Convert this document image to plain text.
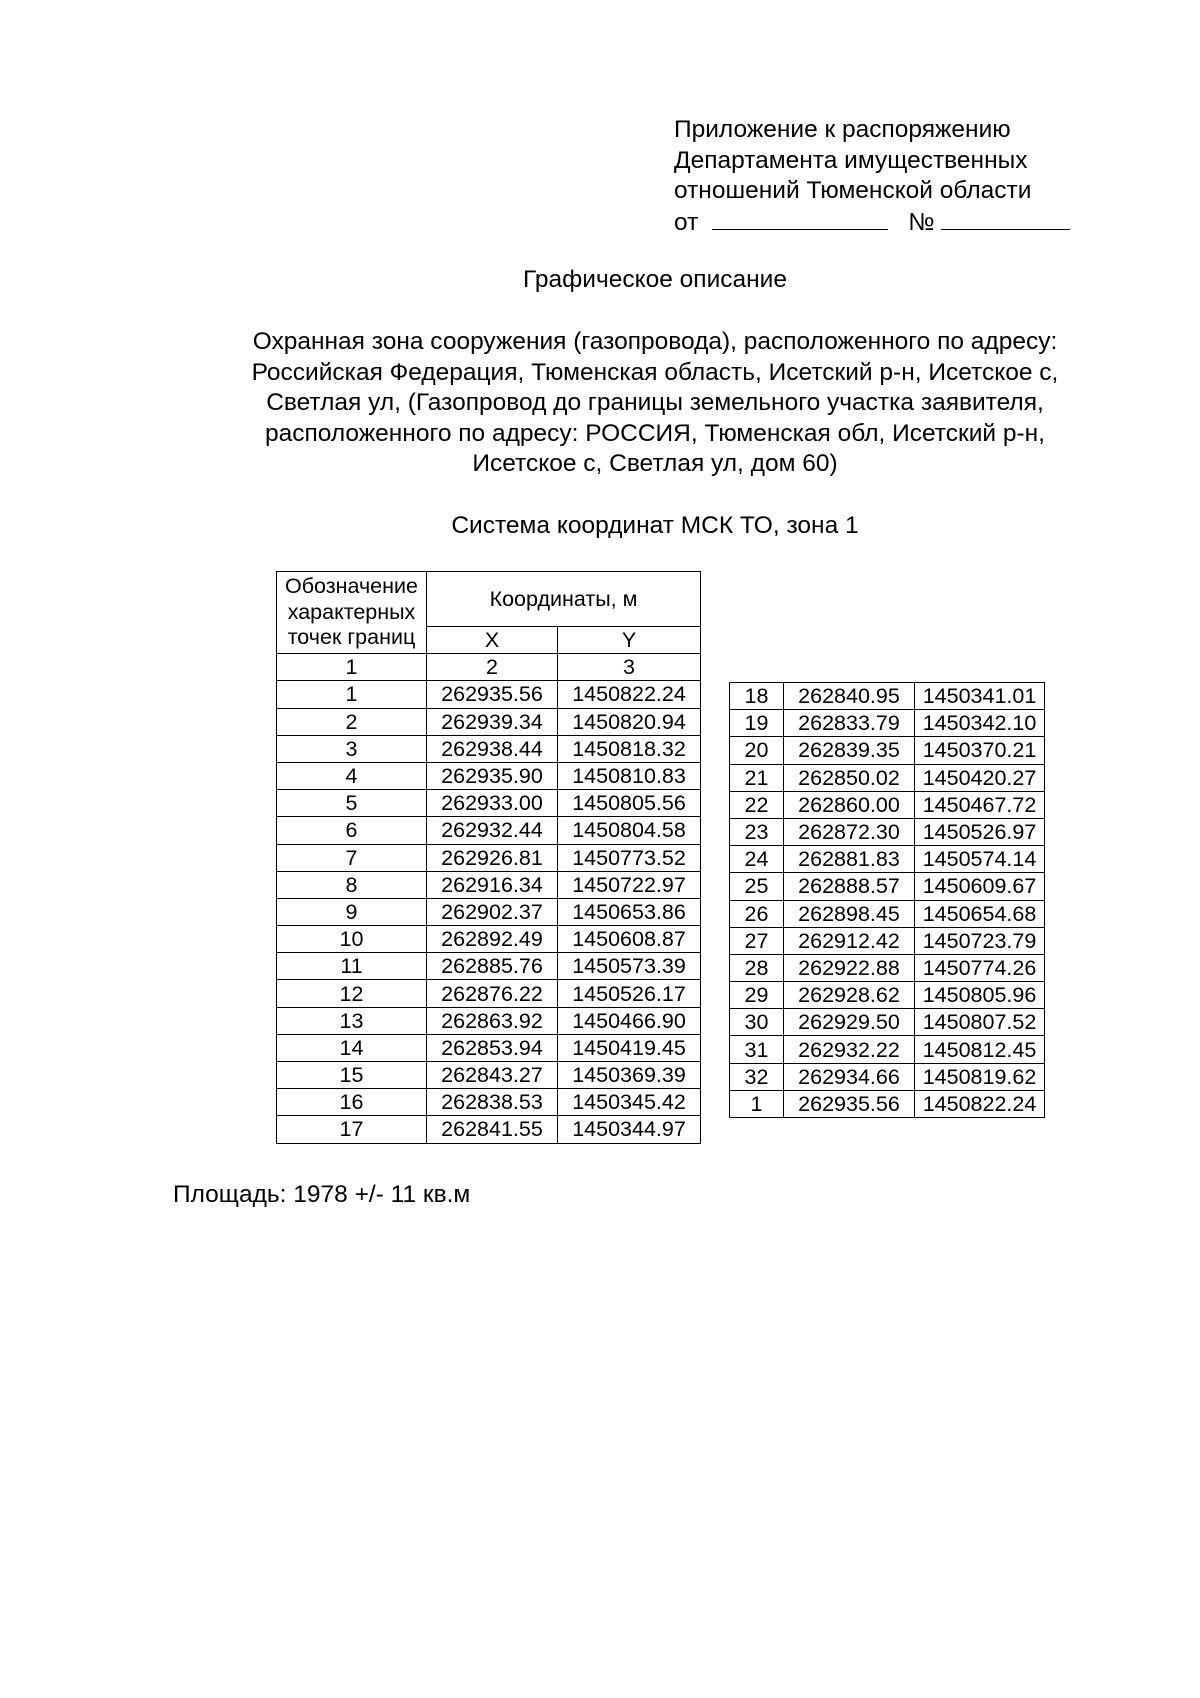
Приложение к распоряжению
Департамента имущественных
отношений Тюменской области
от	№
Графическое описание
Охранная зона сооружения (газопровода), расположенного по адресу:
Российская Федерация, Тюменская область, Исетский р-н, Исетское с,
Светлая ул, (Газопровод до границы земельного участка заявителя,
расположенного по адресу: РОССИЯ, Тюменская обл, Исетский р-н,
Исетское с, Светлая ул, дом 60)
Система координат МСК ТО, зона 1
Обозначение
характерных
точек границ	Координаты, м	
	X	Y
1	2	3
1	262935.56	1450822.24
2	262939.34	1450820.94
3	262938.44	1450818.32
4	262935.90	1450810.83
5	262933.00	1450805.56
6	262932.44	1450804.58
7	262926.81	1450773.52
8	262916.34	1450722.97
9	262902.37	1450653.86
10	262892.49	1450608.87
11	262885.76	1450573.39
12	262876.22	1450526.17
13	262863.92	1450466.90
14	262853.94	1450419.45
15	262843.27	1450369.39
16	262838.53	1450345.42
17	262841.55	1450344.97
18	262840.95	1450341.01
19	262833.79	1450342.10
20	262839.35	1450370.21
21	262850.02	1450420.27
22	262860.00	1450467.72
23	262872.30	1450526.97
24	262881.83	1450574.14
25	262888.57	1450609.67
26	262898.45	1450654.68
27	262912.42	1450723.79
28	262922.88	1450774.26
29	262928.62	1450805.96
30	262929.50	1450807.52
31	262932.22	1450812.45
32	262934.66	1450819.62
1	262935.56	1450822.24
Площадь: 1978 +/- 11 кв.м
